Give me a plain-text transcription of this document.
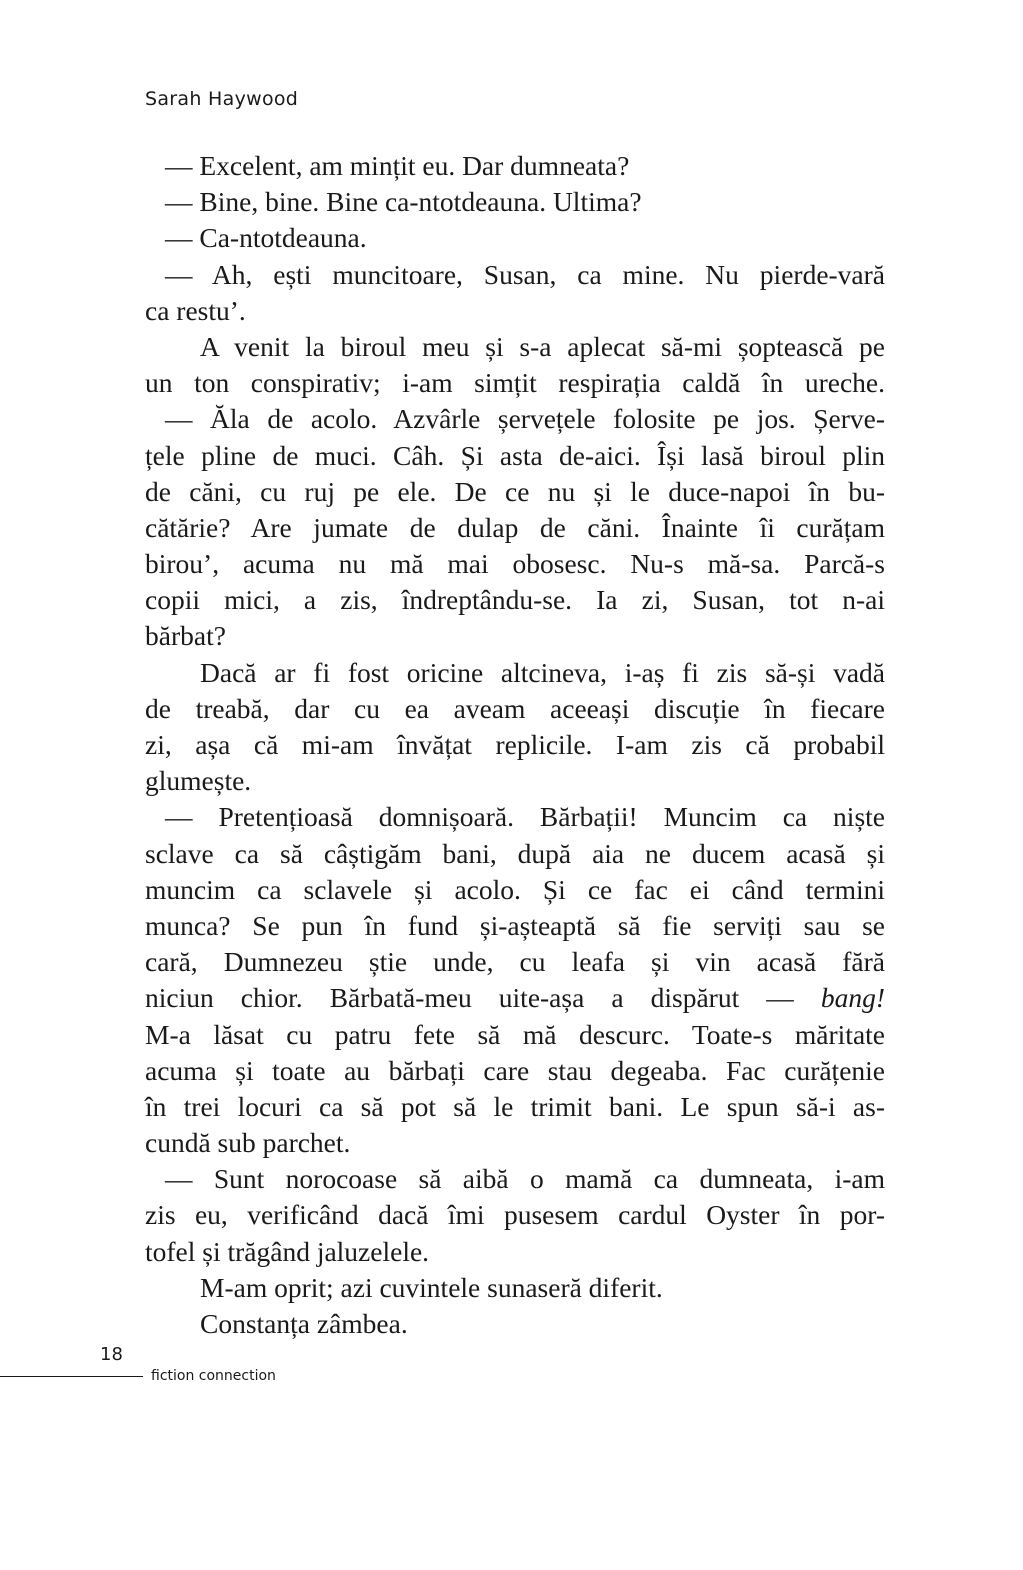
Sarah Haywood
— Excelent, am mințit eu. Dar dumneata?
— Bine, bine. Bine ca-ntotdeauna. Ultima?
— Ca-ntotdeauna.
— Ah, ești muncitoare, Susan, ca mine. Nu pierde-vară
ca restu’.
A venit la biroul meu și s-a aplecat să-mi șoptească pe
un ton conspirativ; i-am simțit respirația caldă în ureche.
— Ăla de acolo. Azvârle șervețele folosite pe jos. Șerve-
țele pline de muci. Câh. Și asta de-aici. Își lasă biroul plin
de căni, cu ruj pe ele. De ce nu și le duce-napoi în bu-
cătărie? Are jumate de dulap de căni. Înainte îi curățam
birou’, acuma nu mă mai obosesc. Nu-s mă-sa. Parcă-s
copii mici, a zis, îndreptându-se. Ia zi, Susan, tot n-ai
bărbat?
Dacă ar fi fost oricine altcineva, i-aș fi zis să-și vadă
de treabă, dar cu ea aveam aceeași discuție în fiecare
zi, așa că mi-am învățat replicile. I-am zis că probabil
glumește.
— Pretențioasă domnișoară. Bărbații! Muncim ca niște
sclave ca să câștigăm bani, după aia ne ducem acasă și
muncim ca sclavele și acolo. Și ce fac ei când termini
munca? Se pun în fund și-așteaptă să fie serviți sau se
cară, Dumnezeu știe unde, cu leafa și vin acasă fără
niciun chior. Bărbată-meu uite-așa a dispărut — bang!
M-a lăsat cu patru fete să mă descurc. Toate-s măritate
acuma și toate au bărbați care stau degeaba. Fac curățenie
în trei locuri ca să pot să le trimit bani. Le spun să-i as-
cundă sub parchet.
— Sunt norocoase să aibă o mamă ca dumneata, i-am
zis eu, verificând dacă îmi pusesem cardul Oyster în por-
tofel și trăgând jaluzelele.
M-am oprit; azi cuvintele sunaseră diferit.
Constanța zâmbea.
18
fiction connection
